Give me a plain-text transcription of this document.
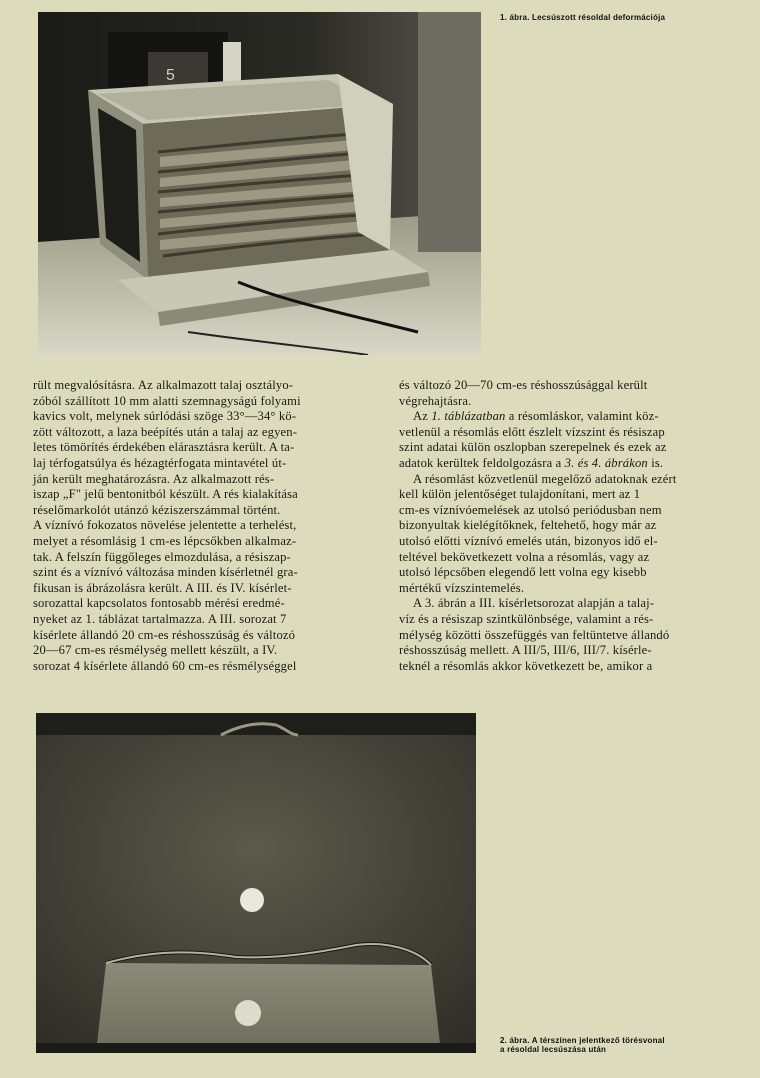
5
1. ábra. Lecsúszott résoldal deformációja

rült megvalósításra. Az alkalmazott talaj osztályo-
zóból szállított 10 mm alatti szemnagyságú folyami
kavics volt, melynek súrlódási szöge 33°—34° kö-
zött változott, a laza beépítés után a talaj az egyen-
letes tömörítés érdekében elárasztásra került. A ta-
laj térfogatsúlya és hézagtérfogata mintavétel út-
ján került meghatározásra. Az alkalmazott rés-
iszap „F" jelű bentonitból készült. A rés kialakítása
réselőmarkolót utánzó kéziszerszámmal történt.
A víznívó fokozatos növelése jelentette a terhelést,
melyet a résomlásig 1 cm-es lépcsőkben alkalmaz-
tak. A felszín függőleges elmozdulása, a résiszap-
szint és a víznívó változása minden kísérletnél gra-
fikusan is ábrázolásra került. A III. és IV. kísérlet-
sorozattal kapcsolatos fontosabb mérési eredmé-
nyeket az 1. táblázat tartalmazza. A III. sorozat 7
kísérlete állandó 20 cm-es réshosszúság és változó
20—67 cm-es résmélység mellett készült, a IV.
sorozat 4 kísérlete állandó 60 cm-es résmélységgel

és változó 20—70 cm-es réshosszúsággal került
végrehajtásra.

Az 1. táblázatban a résomláskor, valamint köz-
vetlenül a résomlás előtt észlelt vízszint és résiszap
szint adatai külön oszlopban szerepelnek és ezek az
adatok kerültek feldolgozásra a 3. és 4. ábrákon is.

A résomlást közvetlenül megelőző adatoknak ezért
kell külön jelentőséget tulajdonítani, mert az 1
cm-es víznívóemelések az utolsó periódusban nem
bizonyultak kielégítőknek, feltehető, hogy már az
utolsó előtti víznívó emelés után, bizonyos idő el-
teltével bekövetkezett volna a résomlás, vagy az
utolsó lépcsőben elegendő lett volna egy kisebb
mértékű vízszintemelés.

A 3. ábrán a III. kísérletsorozat alapján a talaj-
víz és a résiszap szintkülönbsége, valamint a rés-
mélység közötti összefüggés van feltüntetve állandó
réshosszúság mellett. A III/5, III/6, III/7. kísérle-
teknél a résomlás akkor következett be, amikor a

2. ábra. A térszínen jelentkező törésvonal
a résoldal lecsúszása után
